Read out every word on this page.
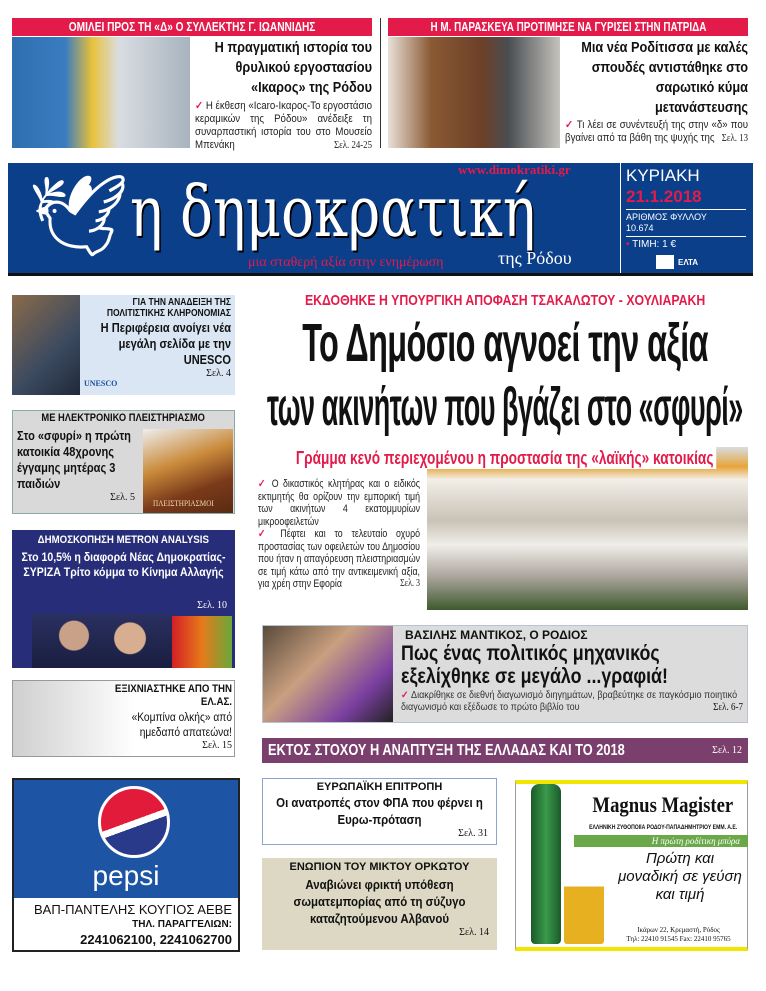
ΟΜΙΛΕΙ ΠΡΟΣ ΤΗ «Δ» Ο ΣΥΛΛΕΚΤΗΣ Γ. ΙΩΑΝΝΙΔΗΣ
Η πραγματική ιστορία του θρυλικού εργοστασίου «Ικαρος» της Ρόδου
✓ Η έκθεση «Icaro-Ικαρος-Το εργοστάσιο κεραμικών της Ρόδου» ανέδειξε τη συναρπαστική ιστορία του στο Μουσείο Μπενάκη	Σελ. 24-25
Η Μ. ΠΑΡΑΣΚΕΥΑ ΠΡΟΤΙΜΗΣΕ ΝΑ ΓΥΡΙΣΕΙ ΣΤΗΝ ΠΑΤΡΙΔΑ
Μια νέα Ροδίτισσα με καλές σπουδές αντιστάθηκε στο σαρωτικό κύμα μετανάστευσης
✓ Τι λέει σε συνέντευξή της στην «δ» που βγαίνει από τα βάθη της ψυχής της Σελ. 13
🕊 η δημοκρατική
www.dimokratiki.gr
της Ρόδου
μια σταθερή αξία στην ενημέρωση
ΚΥΡΙΑΚΗ
21.1.2018
ΑΡΙΘΜΟΣ ΦΥΛΛΟΥ
10.674
• ΤΙΜΗ: 1 €
ΕΛΤΑ
UNESCO
ΓΙΑ ΤΗΝ ΑΝΑΔΕΙΞΗ ΤΗΣ ΠΟΛΙΤΙΣΤΙΚΗΣ ΚΛΗΡΟΝΟΜΙΑΣ
Η Περιφέρεια ανοίγει νέα μεγάλη σελίδα με την UNESCO
Σελ. 4
ΜΕ ΗΛΕΚΤΡΟΝΙΚΟ ΠΛΕΙΣΤΗΡΙΑΣΜΟ
ΠΛΕΙΣΤΗΡΙΑΣΜΟΙ
Στο «σφυρί» η πρώτη κατοικία 48χρονης έγγαμης μητέρας 3 παιδιών
Σελ. 5
ΔΗΜΟΣΚΟΠΗΣΗ METRON ANALYSIS
Στο 10,5% η διαφορά Νέας Δημοκρατίας-ΣΥΡΙΖΑ Τρίτο κόμμα το Κίνημα Αλλαγής
Σελ. 10
ΕΞΙΧΝΙΑΣΤΗΚΕ ΑΠΟ ΤΗΝ ΕΛ.ΑΣ.
«Κομπίνα ολκής» από ημεδαπό απατεώνα!
Σελ. 15
ΕΚΔΟΘΗΚΕ Η ΥΠΟΥΡΓΙΚΗ ΑΠΟΦΑΣΗ ΤΣΑΚΑΛΩΤΟΥ - ΧΟΥΛΙΑΡΑΚΗ
Το Δημόσιο αγνοεί την αξία
των ακινήτων που βγάζει στο «σφυρί»
Γράμμα κενό περιεχομένου η προστασία της «λαϊκής» κατοικίας
✓ Ο δικαστικός κλητήρας και ο ειδικός εκτιμητής θα ορίζουν την εμπορική τιμή των ακινήτων 4 εκατομμυρίων μικροοφειλετών
✓ Πέφτει και το τελευταίο οχυρό προστασίας των οφειλετών του Δημοσίου που ήταν η απαγόρευση πλειστηριασμών σε τιμή κάτω από την αντικειμενική αξία, για χρέη στην Εφορία	Σελ. 3
ΒΑΣΙΛΗΣ ΜΑΝΤΙΚΟΣ, Ο ΡΟΔΙΟΣ
Πως ένας πολιτικός μηχανικός εξελίχθηκε σε μεγάλο ...γραφιά!
✓ Διακρίθηκε σε διεθνή διαγωνισμό διηγημάτων, βραβεύτηκε σε παγκόσμιο ποιητικό διαγωνισμό και εξέδωσε το πρώτο βιβλίο του	Σελ. 6-7
ΕΚΤΟΣ ΣΤΟΧΟΥ Η ΑΝΑΠΤΥΞΗ ΤΗΣ ΕΛΛΑΔΑΣ ΚΑΙ ΤΟ 2018	Σελ. 12
pepsi
ΒΑΠ-ΠΑΝΤΕΛΗΣ ΚΟΥΓΙΟΣ ΑΕΒΕ
ΤΗΛ. ΠΑΡΑΓΓΕΛΙΩΝ:
2241062100, 2241062700
ΕΥΡΩΠΑΪΚΗ ΕΠΙΤΡΟΠΗ
Οι ανατροπές στον ΦΠΑ που φέρνει η Ευρω-πρόταση
Σελ. 31
ΕΝΩΠΙΟΝ ΤΟΥ ΜΙΚΤΟΥ ΟΡΚΩΤΟΥ
Αναβιώνει φρικτή υπόθεση σωματεμπορίας από τη σύζυγο καταζητούμενου Αλβανού
Σελ. 14
Magnus Magister
ΕΛΛΗΝΙΚΗ ΖΥΘΟΠΟΙΪΑ ΡΟΔΟΥ-ΠΑΠΑΔΗΜΗΤΡΙΟΥ ΕΜΜ. Α.Ε.
Η πρώτη ροδίτικη μπύρα
Πρώτη και μοναδική σε γεύση και τιμή
Ικάρων 22, Κρεμαστή, Ρόδος
Τηλ: 22410 91545 Fax: 22410 95765
